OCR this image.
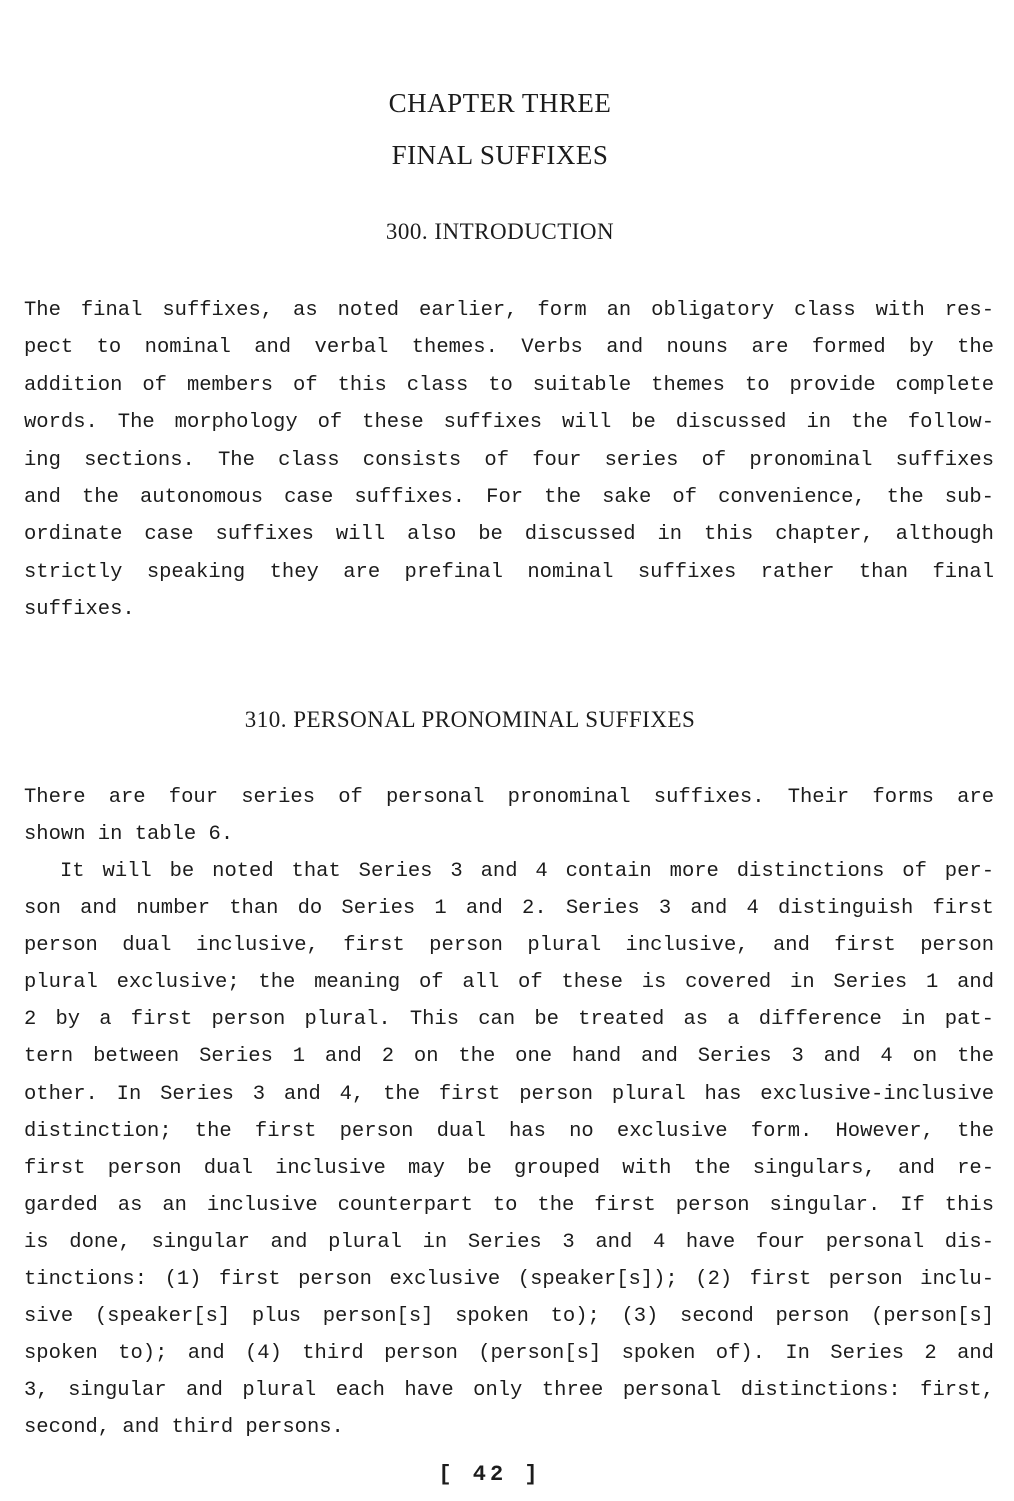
CHAPTER THREE
FINAL SUFFIXES
300. INTRODUCTION
The final suffixes, as noted earlier, form an obligatory class with res-
pect to nominal and verbal themes. Verbs and nouns are formed by the
addition of members of this class to suitable themes to provide complete
words. The morphology of these suffixes will be discussed in the follow-
ing sections. The class consists of four series of pronominal suffixes
and the autonomous case suffixes. For the sake of convenience, the sub-
ordinate case suffixes will also be discussed in this chapter, although
strictly speaking they are prefinal nominal suffixes rather than final
suffixes.
310. PERSONAL PRONOMINAL SUFFIXES
There are four series of personal pronominal suffixes. Their forms are
shown in table 6.
It will be noted that Series 3 and 4 contain more distinctions of per-
son and number than do Series 1 and 2. Series 3 and 4 distinguish first
person dual inclusive, first person plural inclusive, and first person
plural exclusive; the meaning of all of these is covered in Series 1 and
2 by a first person plural. This can be treated as a difference in pat-
tern between Series 1 and 2 on the one hand and Series 3 and 4 on the
other. In Series 3 and 4, the first person plural has exclusive-inclusive
distinction; the first person dual has no exclusive form. However, the
first person dual inclusive may be grouped with the singulars, and re-
garded as an inclusive counterpart to the first person singular. If this
is done, singular and plural in Series 3 and 4 have four personal dis-
tinctions: (1) first person exclusive (speaker[s]); (2) first person inclu-
sive (speaker[s] plus person[s] spoken to); (3) second person (person[s]
spoken to); and (4) third person (person[s] spoken of). In Series 2 and
3, singular and plural each have only three personal distinctions: first,
second, and third persons.
[ 42 ]
